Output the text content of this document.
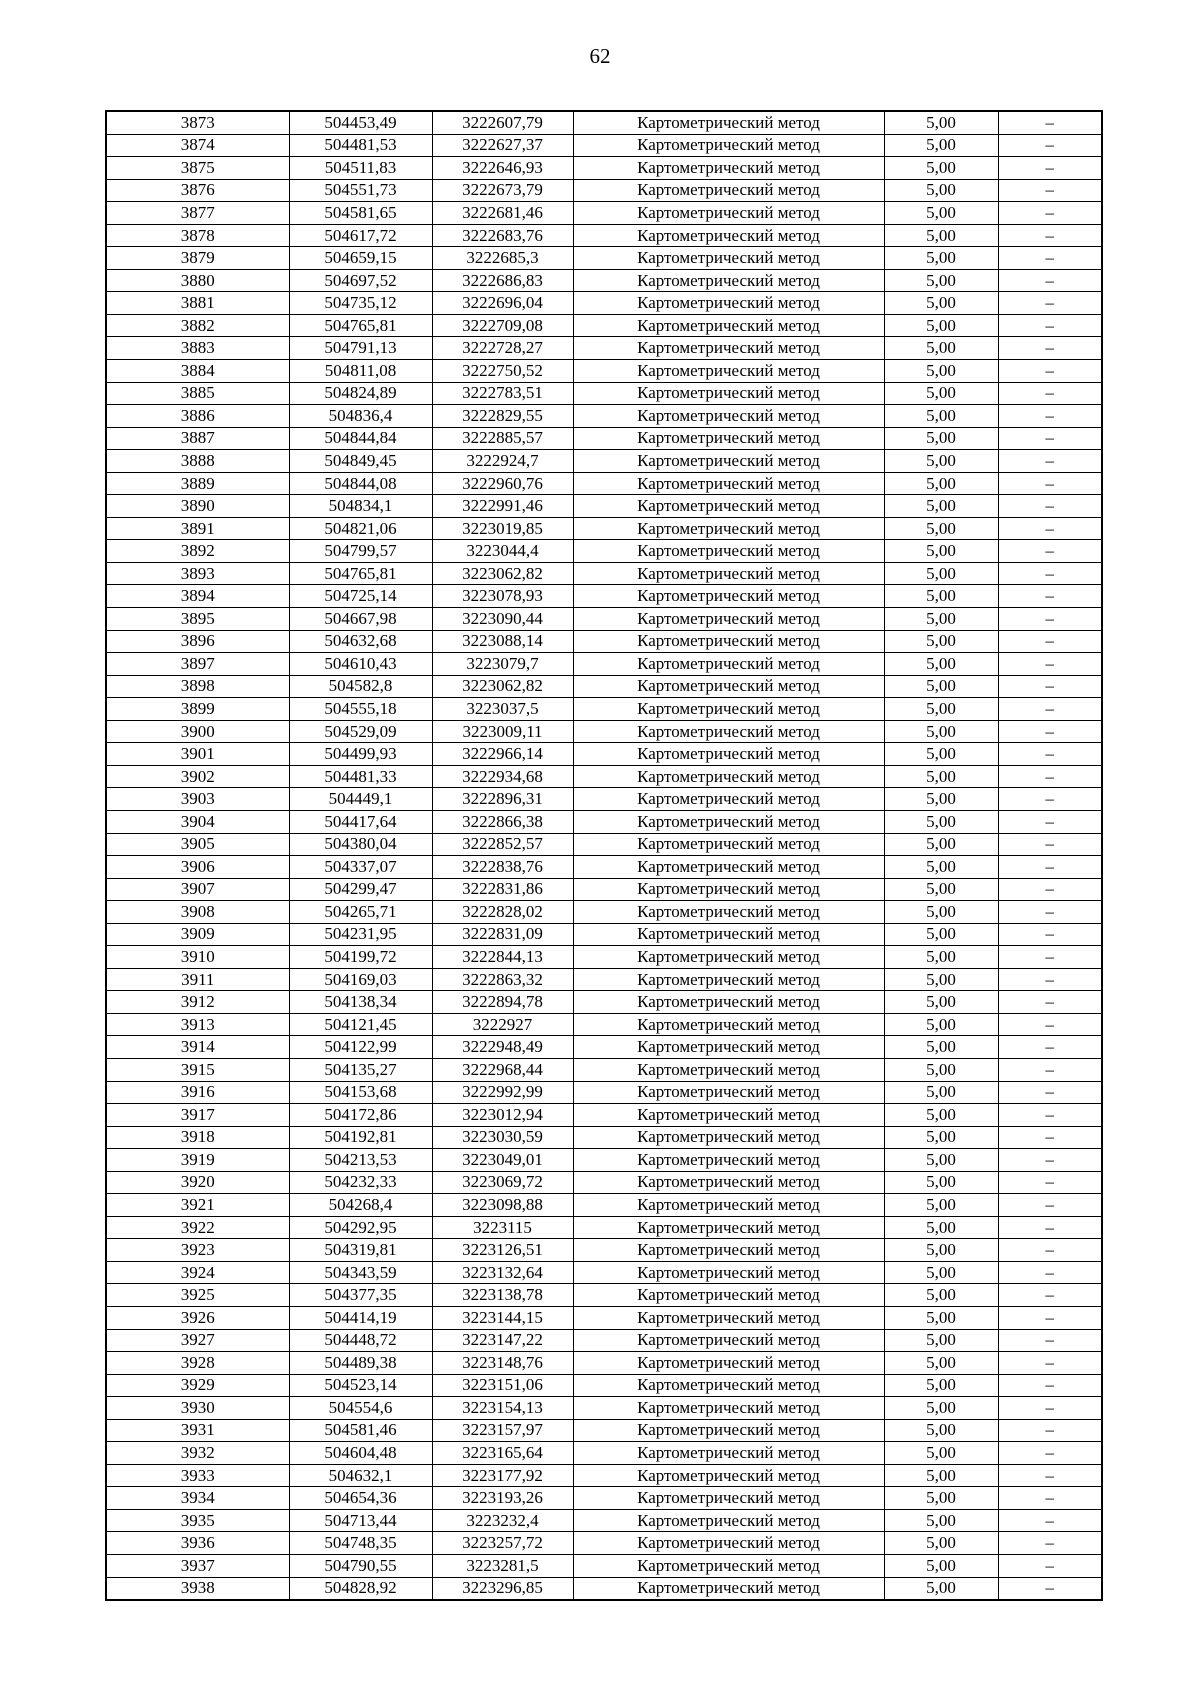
62
3873	504453,49	3222607,79	Картометрический метод	5,00	–
3874	504481,53	3222627,37	Картометрический метод	5,00	–
3875	504511,83	3222646,93	Картометрический метод	5,00	–
3876	504551,73	3222673,79	Картометрический метод	5,00	–
3877	504581,65	3222681,46	Картометрический метод	5,00	–
3878	504617,72	3222683,76	Картометрический метод	5,00	–
3879	504659,15	3222685,3	Картометрический метод	5,00	–
3880	504697,52	3222686,83	Картометрический метод	5,00	–
3881	504735,12	3222696,04	Картометрический метод	5,00	–
3882	504765,81	3222709,08	Картометрический метод	5,00	–
3883	504791,13	3222728,27	Картометрический метод	5,00	–
3884	504811,08	3222750,52	Картометрический метод	5,00	–
3885	504824,89	3222783,51	Картометрический метод	5,00	–
3886	504836,4	3222829,55	Картометрический метод	5,00	–
3887	504844,84	3222885,57	Картометрический метод	5,00	–
3888	504849,45	3222924,7	Картометрический метод	5,00	–
3889	504844,08	3222960,76	Картометрический метод	5,00	–
3890	504834,1	3222991,46	Картометрический метод	5,00	–
3891	504821,06	3223019,85	Картометрический метод	5,00	–
3892	504799,57	3223044,4	Картометрический метод	5,00	–
3893	504765,81	3223062,82	Картометрический метод	5,00	–
3894	504725,14	3223078,93	Картометрический метод	5,00	–
3895	504667,98	3223090,44	Картометрический метод	5,00	–
3896	504632,68	3223088,14	Картометрический метод	5,00	–
3897	504610,43	3223079,7	Картометрический метод	5,00	–
3898	504582,8	3223062,82	Картометрический метод	5,00	–
3899	504555,18	3223037,5	Картометрический метод	5,00	–
3900	504529,09	3223009,11	Картометрический метод	5,00	–
3901	504499,93	3222966,14	Картометрический метод	5,00	–
3902	504481,33	3222934,68	Картометрический метод	5,00	–
3903	504449,1	3222896,31	Картометрический метод	5,00	–
3904	504417,64	3222866,38	Картометрический метод	5,00	–
3905	504380,04	3222852,57	Картометрический метод	5,00	–
3906	504337,07	3222838,76	Картометрический метод	5,00	–
3907	504299,47	3222831,86	Картометрический метод	5,00	–
3908	504265,71	3222828,02	Картометрический метод	5,00	–
3909	504231,95	3222831,09	Картометрический метод	5,00	–
3910	504199,72	3222844,13	Картометрический метод	5,00	–
3911	504169,03	3222863,32	Картометрический метод	5,00	–
3912	504138,34	3222894,78	Картометрический метод	5,00	–
3913	504121,45	3222927	Картометрический метод	5,00	–
3914	504122,99	3222948,49	Картометрический метод	5,00	–
3915	504135,27	3222968,44	Картометрический метод	5,00	–
3916	504153,68	3222992,99	Картометрический метод	5,00	–
3917	504172,86	3223012,94	Картометрический метод	5,00	–
3918	504192,81	3223030,59	Картометрический метод	5,00	–
3919	504213,53	3223049,01	Картометрический метод	5,00	–
3920	504232,33	3223069,72	Картометрический метод	5,00	–
3921	504268,4	3223098,88	Картометрический метод	5,00	–
3922	504292,95	3223115	Картометрический метод	5,00	–
3923	504319,81	3223126,51	Картометрический метод	5,00	–
3924	504343,59	3223132,64	Картометрический метод	5,00	–
3925	504377,35	3223138,78	Картометрический метод	5,00	–
3926	504414,19	3223144,15	Картометрический метод	5,00	–
3927	504448,72	3223147,22	Картометрический метод	5,00	–
3928	504489,38	3223148,76	Картометрический метод	5,00	–
3929	504523,14	3223151,06	Картометрический метод	5,00	–
3930	504554,6	3223154,13	Картометрический метод	5,00	–
3931	504581,46	3223157,97	Картометрический метод	5,00	–
3932	504604,48	3223165,64	Картометрический метод	5,00	–
3933	504632,1	3223177,92	Картометрический метод	5,00	–
3934	504654,36	3223193,26	Картометрический метод	5,00	–
3935	504713,44	3223232,4	Картометрический метод	5,00	–
3936	504748,35	3223257,72	Картометрический метод	5,00	–
3937	504790,55	3223281,5	Картометрический метод	5,00	–
3938	504828,92	3223296,85	Картометрический метод	5,00	–
